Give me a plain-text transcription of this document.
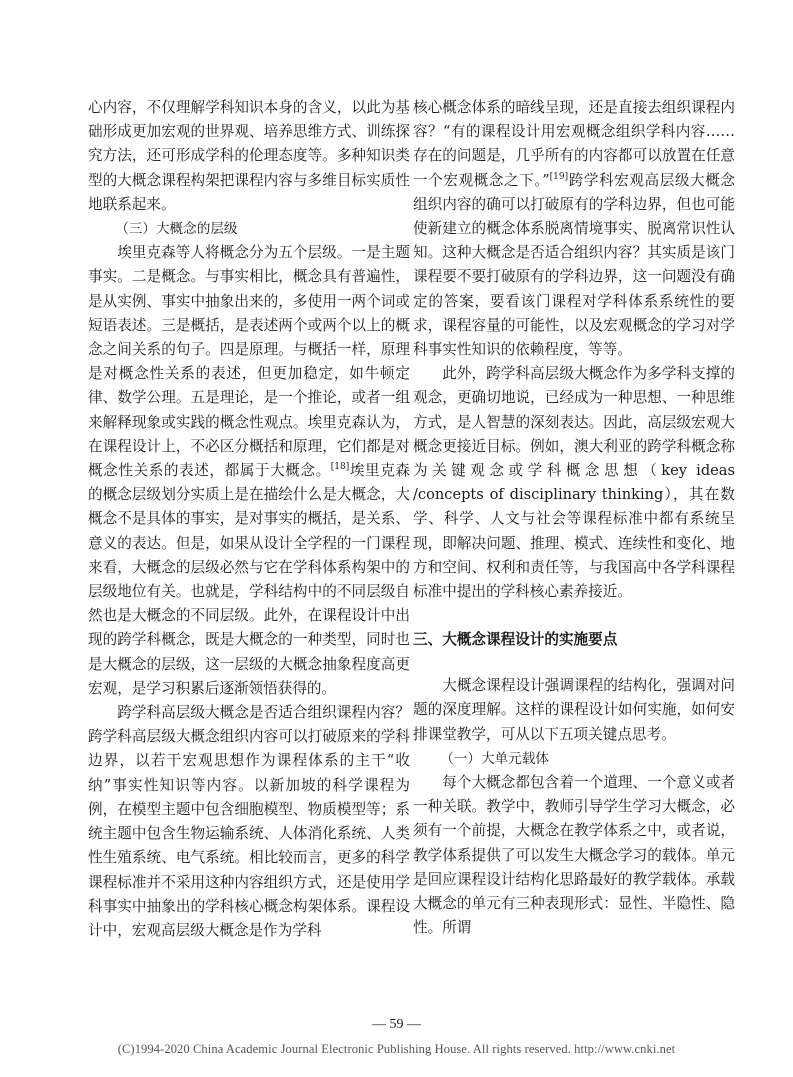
心内容，不仅理解学科知识本身的含义，以此为基础形成更加宏观的世界观、培养思维方式、训练探究方法，还可形成学科的伦理态度等。多种知识类型的大概念课程构架把课程内容与多维目标实质性地联系起来。

（三）大概念的层级

埃里克森等人将概念分为五个层级。一是主题事实。二是概念。与事实相比，概念具有普遍性，是从实例、事实中抽象出来的，多使用一两个词或短语表述。三是概括，是表述两个或两个以上的概念之间关系的句子。四是原理。与概括一样，原理是对概念性关系的表述，但更加稳定，如牛顿定律、数学公理。五是理论，是一个推论，或者一组来解释现象或实践的概念性观点。埃里克森认为，在课程设计上，不必区分概括和原理，它们都是对概念性关系的表述，都属于大概念。[18]埃里克森的概念层级划分实质上是在描绘什么是大概念，大概念不是具体的事实，是对事实的概括，是关系、意义的表达。但是，如果从设计全学程的一门课程来看，大概念的层级必然与它在学科体系构架中的层级地位有关。也就是，学科结构中的不同层级自然也是大概念的不同层级。此外，在课程设计中出现的跨学科概念，既是大概念的一种类型，同时也是大概念的层级，这一层级的大概念抽象程度高更宏观，是学习积累后逐渐领悟获得的。

跨学科高层级大概念是否适合组织课程内容？跨学科高层级大概念组织内容可以打破原来的学科边界，以若干宏观思想作为课程体系的主干“收纳”事实性知识等内容。以新加坡的科学课程为例，在模型主题中包含细胞模型、物质模型等；系统主题中包含生物运输系统、人体消化系统、人类性生殖系统、电气系统。相比较而言，更多的科学课程标准并不采用这种内容组织方式，还是使用学科事实中抽象出的学科核心概念构架体系。课程设计中，宏观高层级大概念是作为学科

核心概念体系的暗线呈现，还是直接去组织课程内容？“有的课程设计用宏观概念组织学科内容……存在的问题是，几乎所有的内容都可以放置在任意一个宏观概念之下。”[19]跨学科宏观高层级大概念组织内容的确可以打破原有的学科边界，但也可能使新建立的概念体系脱离情境事实、脱离常识性认知。这种大概念是否适合组织内容？其实质是该门课程要不要打破原有的学科边界，这一问题没有确定的答案，要看该门课程对学科体系系统性的要求，课程容量的可能性，以及宏观概念的学习对学科事实性知识的依赖程度，等等。

此外，跨学科高层级大概念作为多学科支撑的观念，更确切地说，已经成为一种思想、一种思维方式，是人智慧的深刻表达。因此，高层级宏观大概念更接近目标。例如，澳大利亚的跨学科概念称为关键观念或学科概念思想（key ideas /concepts of disciplinary thinking），其在数学、科学、人文与社会等课程标准中都有系统呈现，即解决问题、推理、模式、连续性和变化、地方和空间、权利和责任等，与我国高中各学科课程标准中提出的学科核心素养接近。

三、大概念课程设计的实施要点

大概念课程设计强调课程的结构化，强调对问题的深度理解。这样的课程设计如何实施，如何安排课堂教学，可从以下五项关键点思考。

（一）大单元载体

每个大概念都包含着一个道理、一个意义或者一种关联。教学中，教师引导学生学习大概念，必须有一个前提，大概念在教学体系之中，或者说，教学体系提供了可以发生大概念学习的载体。单元是回应课程设计结构化思路最好的教学载体。承载大概念的单元有三种表现形式：显性、半隐性、隐性。所谓

— 59 —
(C)1994-2020 China Academic Journal Electronic Publishing House. All rights reserved. http://www.cnki.net
